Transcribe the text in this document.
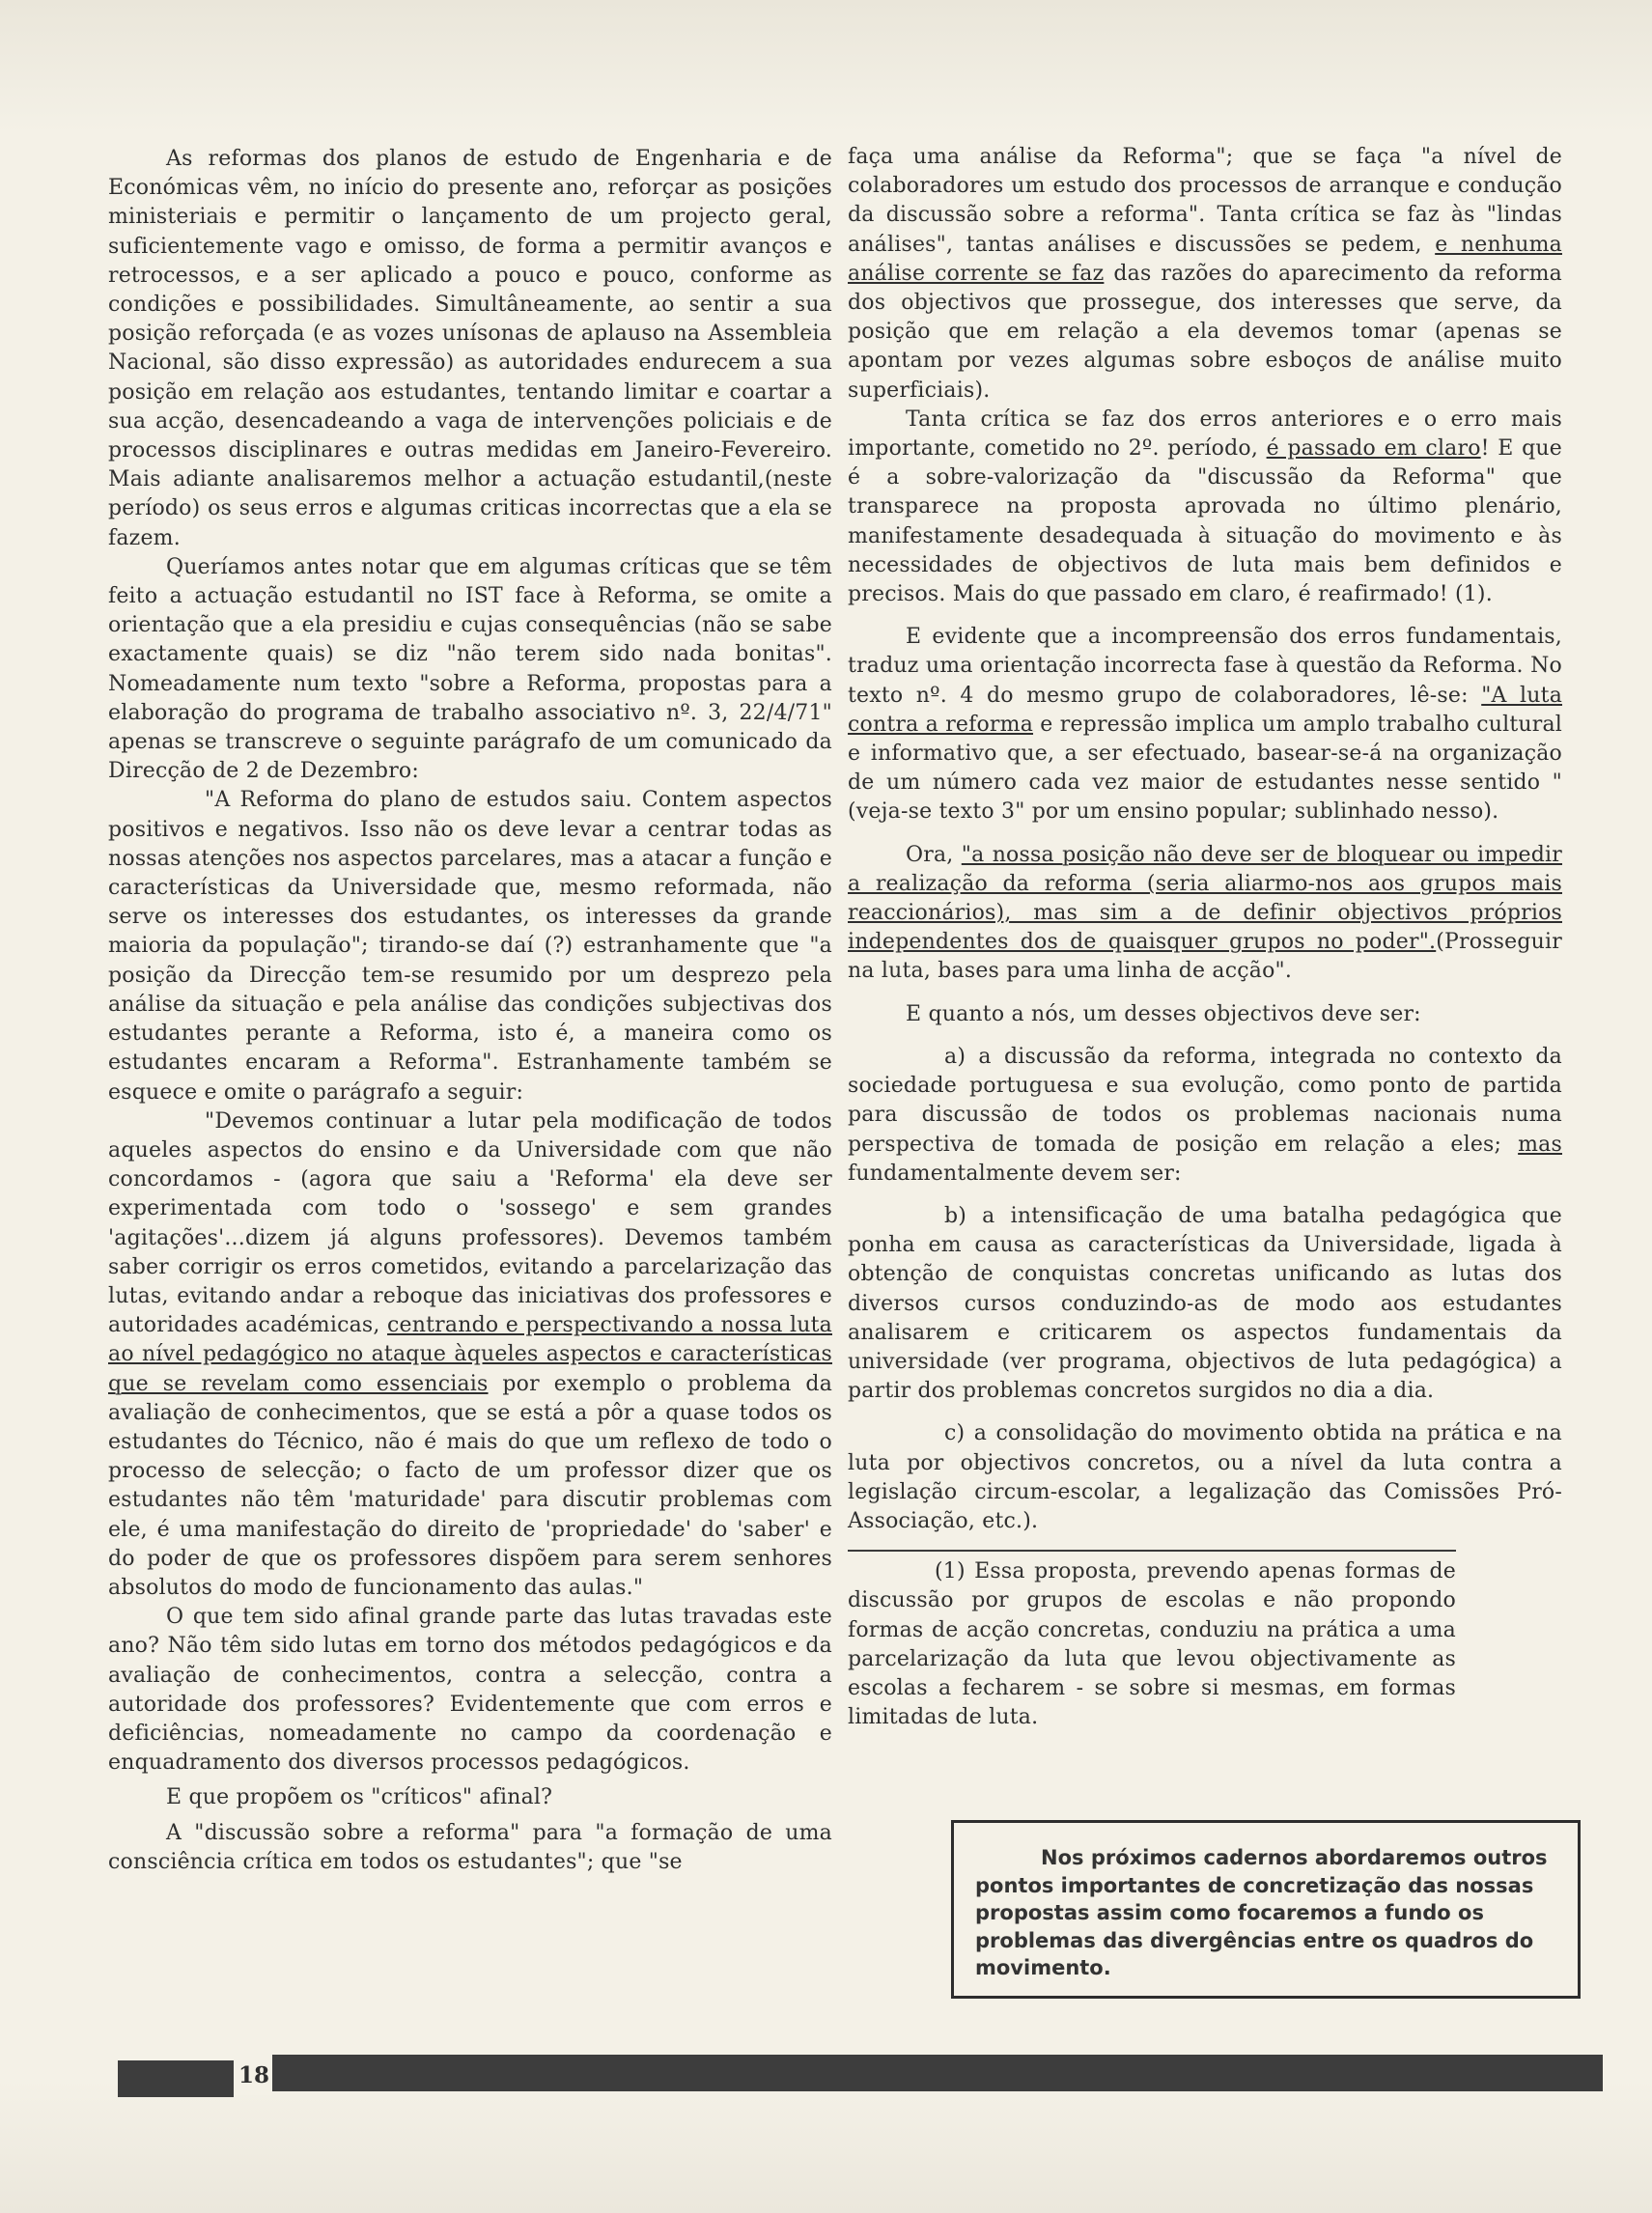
As reformas dos planos de estudo de Engenharia e de Económicas vêm, no início do presente ano, reforçar as posições ministeriais e permitir o lançamento de um projecto geral, suficientemente vago e omisso, de forma a permitir avanços e retrocessos, e a ser aplicado a pouco e pouco, conforme as condições e possibilidades. Simultâneamente, ao sentir a sua posição reforçada (e as vozes unísonas de aplauso na Assembleia Nacional, são disso expressão) as autoridades endurecem a sua posição em relação aos estudantes, tentando limitar e coartar a sua acção, desencadeando a vaga de intervenções policiais e de processos disciplinares e outras medidas em Janeiro-Fevereiro. Mais adiante analisaremos melhor a actuação estudantil,(neste período) os seus erros e algumas criticas incorrectas que a ela se fazem.

Queríamos antes notar que em algumas críticas que se têm feito a actuação estudantil no IST face à Reforma, se omite a orientação que a ela presidiu e cujas consequências (não se sabe exactamente quais) se diz "não terem sido nada bonitas". Nomeadamente num texto "sobre a Reforma, propostas para a elaboração do programa de trabalho associativo nº. 3, 22/4/71" apenas se transcreve o seguinte parágrafo de um comunicado da Direcção de 2 de Dezembro:

"A Reforma do plano de estudos saiu. Contem aspectos positivos e negativos. Isso não os deve levar a centrar todas as nossas atenções nos aspectos parcelares, mas a atacar a função e características da Universidade que, mesmo reformada, não serve os interesses dos estudantes, os interesses da grande maioria da população"; tirando-se daí (?) estranhamente que "a posição da Direcção tem-se resumido por um desprezo pela análise da situação e pela análise das condições subjectivas dos estudantes perante a Reforma, isto é, a maneira como os estudantes encaram a Reforma". Estranhamente também se esquece e omite o parágrafo a seguir:

"Devemos continuar a lutar pela modificação de todos aqueles aspectos do ensino e da Universidade com que não concordamos - (agora que saiu a 'Reforma' ela deve ser experimentada com todo o 'sossego' e sem grandes 'agitações'...dizem já alguns professores). Devemos também saber corrigir os erros cometidos, evitando a parcelarização das lutas, evitando andar a reboque das iniciativas dos professores e autoridades académicas, centrando e perspectivando a nossa luta ao nível pedagógico no ataque àqueles aspectos e características que se revelam como essenciais por exemplo o problema da avaliação de conhecimentos, que se está a pôr a quase todos os estudantes do Técnico, não é mais do que um reflexo de todo o processo de selecção; o facto de um professor dizer que os estudantes não têm 'maturidade' para discutir problemas com ele, é uma manifestação do direito de 'propriedade' do 'saber' e do poder de que os professores dispõem para serem senhores absolutos do modo de funcionamento das aulas."

O que tem sido afinal grande parte das lutas travadas este ano? Não têm sido lutas em torno dos métodos pedagógicos e da avaliação de conhecimentos, contra a selecção, contra a autoridade dos professores? Evidentemente que com erros e deficiências, nomeadamente no campo da coordenação e enquadramento dos diversos processos pedagógicos.

E que propõem os "críticos" afinal?

A "discussão sobre a reforma" para "a formação de uma consciência crítica em todos os estudantes"; que "se

faça uma análise da Reforma"; que se faça "a nível de colaboradores um estudo dos processos de arranque e condução da discussão sobre a reforma". Tanta crítica se faz às "lindas análises", tantas análises e discussões se pedem, e nenhuma análise corrente se faz das razões do aparecimento da reforma dos objectivos que prossegue, dos interesses que serve, da posição que em relação a ela devemos tomar (apenas se apontam por vezes algumas sobre esboços de análise muito superficiais).

Tanta crítica se faz dos erros anteriores e o erro mais importante, cometido no 2º. período, é passado em claro! E que é a sobre-valorização da "discussão da Reforma" que transparece na proposta aprovada no último plenário, manifestamente desadequada à situação do movimento e às necessidades de objectivos de luta mais bem definidos e precisos. Mais do que passado em claro, é reafirmado! (1).

E evidente que a incompreensão dos erros fundamentais, traduz uma orientação incorrecta fase à questão da Reforma. No texto nº. 4 do mesmo grupo de colaboradores, lê-se: "A luta contra a reforma e repressão implica um amplo trabalho cultural e informativo que, a ser efectuado, basear-se-á na organização de um número cada vez maior de estudantes nesse sentido "(veja-se texto 3" por um ensino popular; sublinhado nesso).

Ora, "a nossa posição não deve ser de bloquear ou impedir a realização da reforma (seria aliarmo-nos aos grupos mais reaccionários), mas sim a de definir objectivos próprios independentes dos de quaisquer grupos no poder".(Prosseguir na luta, bases para uma linha de acção".

E quanto a nós, um desses objectivos deve ser:

a) a discussão da reforma, integrada no contexto da sociedade portuguesa e sua evolução, como ponto de partida para discussão de todos os problemas nacionais numa perspectiva de tomada de posição em relação a eles; mas fundamentalmente devem ser:

b) a intensificação de uma batalha pedagógica que ponha em causa as características da Universidade, ligada à obtenção de conquistas concretas unificando as lutas dos diversos cursos conduzindo-as de modo aos estudantes analisarem e criticarem os aspectos fundamentais da universidade (ver programa, objectivos de luta pedagógica) a partir dos problemas concretos surgidos no dia a dia.

c) a consolidação do movimento obtida na prática e na luta por objectivos concretos, ou a nível da luta contra a legislação circum-escolar, a legalização das Comissões Pró-Associação, etc.).

(1) Essa proposta, prevendo apenas formas de discussão por grupos de escolas e não propondo formas de acção concretas, conduziu na prática a uma parcelarização da luta que levou objectivamente as escolas a fecharem - se sobre si mesmas, em formas limitadas de luta.

Nos próximos cadernos abordaremos outros pontos importantes de concretização das nossas propostas assim como focaremos a fundo os problemas das divergências entre os quadros do movimento.

18
